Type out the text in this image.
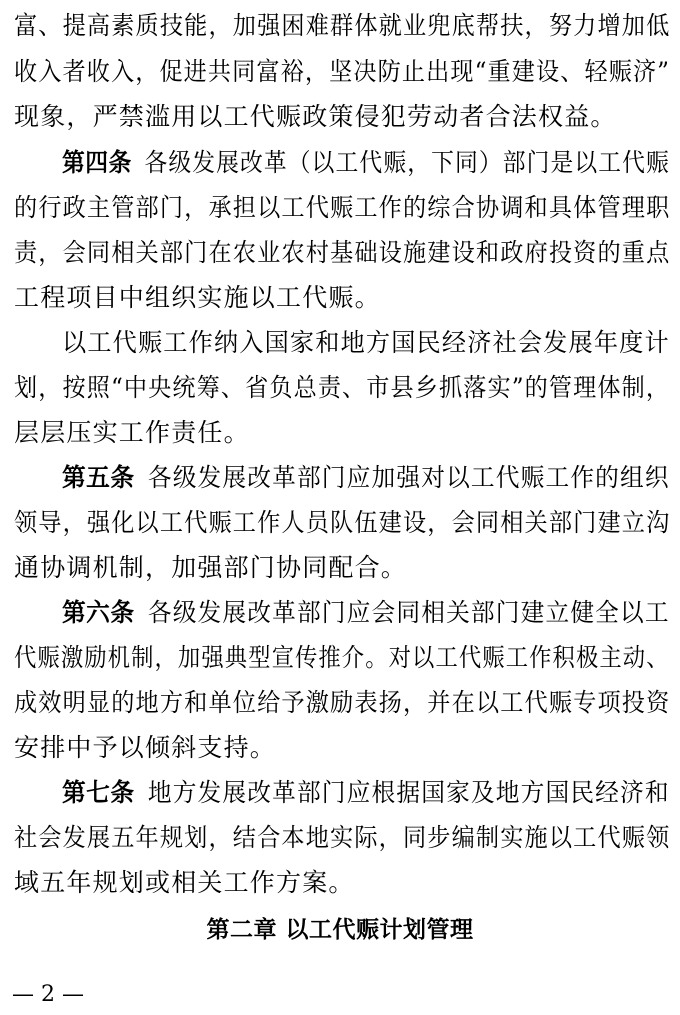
富、提高素质技能，加强困难群体就业兜底帮扶，努力增加低
收入者收入，促进共同富裕，坚决防止出现“重建设、轻赈济”
现象，严禁滥用以工代赈政策侵犯劳动者合法权益。
第四条 各级发展改革（以工代赈，下同）部门是以工代赈
的行政主管部门，承担以工代赈工作的综合协调和具体管理职
责，会同相关部门在农业农村基础设施建设和政府投资的重点
工程项目中组织实施以工代赈。
以工代赈工作纳入国家和地方国民经济社会发展年度计
划，按照“中央统筹、省负总责、市县乡抓落实”的管理体制，
层层压实工作责任。
第五条 各级发展改革部门应加强对以工代赈工作的组织
领导，强化以工代赈工作人员队伍建设，会同相关部门建立沟
通协调机制，加强部门协同配合。
第六条 各级发展改革部门应会同相关部门建立健全以工
代赈激励机制，加强典型宣传推介。对以工代赈工作积极主动、
成效明显的地方和单位给予激励表扬，并在以工代赈专项投资
安排中予以倾斜支持。
第七条 地方发展改革部门应根据国家及地方国民经济和
社会发展五年规划，结合本地实际，同步编制实施以工代赈领
域五年规划或相关工作方案。
第二章 以工代赈计划管理
— 2 —
